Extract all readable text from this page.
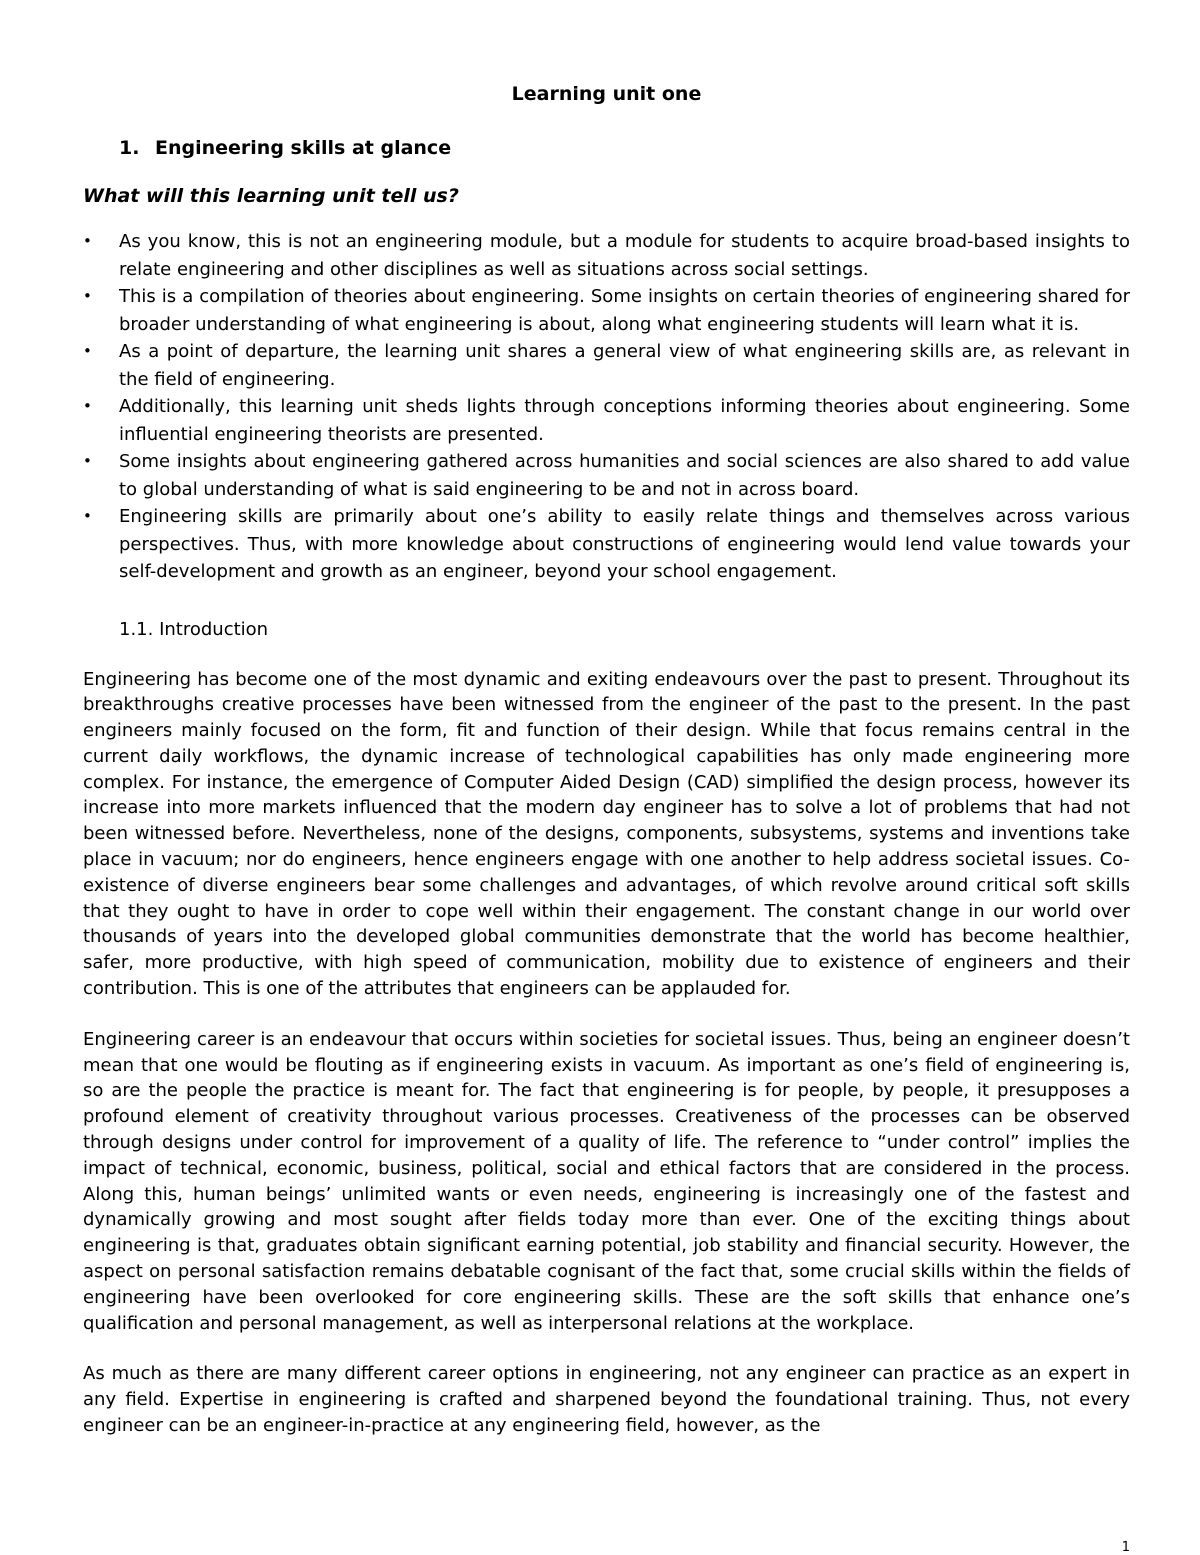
Learning unit one
1. Engineering skills at glance
What will this learning unit tell us?
•	As you know, this is not an engineering module, but a module for students to acquire broad-based insights to relate engineering and other disciplines as well as situations across social settings.
•	This is a compilation of theories about engineering. Some insights on certain theories of engineering shared for broader understanding of what engineering is about, along what engineering students will learn what it is.
•	As a point of departure, the learning unit shares a general view of what engineering skills are, as relevant in the field of engineering.
•	Additionally, this learning unit sheds lights through conceptions informing theories about engineering. Some influential engineering theorists are presented.
•	Some insights about engineering gathered across humanities and social sciences are also shared to add value to global understanding of what is said engineering to be and not in across board.
•	Engineering skills are primarily about one’s ability to easily relate things and themselves across various perspectives. Thus, with more knowledge about constructions of engineering would lend value towards your self-development and growth as an engineer, beyond your school engagement.
1.1. Introduction

Engineering has become one of the most dynamic and exiting endeavours over the past to present. Throughout its breakthroughs creative processes have been witnessed from the engineer of the past to the present. In the past engineers mainly focused on the form, fit and function of their design. While that focus remains central in the current daily workflows, the dynamic increase of technological capabilities has only made engineering more complex. For instance, the emergence of Computer Aided Design (CAD) simplified the design process, however its increase into more markets influenced that the modern day engineer has to solve a lot of problems that had not been witnessed before. Nevertheless, none of the designs, components, subsystems, systems and inventions take place in vacuum; nor do engineers, hence engineers engage with one another to help address societal issues. Co-existence of diverse engineers bear some challenges and advantages, of which revolve around critical soft skills that they ought to have in order to cope well within their engagement. The constant change in our world over thousands of years into the developed global communities demonstrate that the world has become healthier, safer, more productive, with high speed of communication, mobility due to existence of engineers and their contribution. This is one of the attributes that engineers can be applauded for.

Engineering career is an endeavour that occurs within societies for societal issues. Thus, being an engineer doesn’t mean that one would be flouting as if engineering exists in vacuum. As important as one’s field of engineering is, so are the people the practice is meant for. The fact that engineering is for people, by people, it presupposes a profound element of creativity throughout various processes. Creativeness of the processes can be observed through designs under control for improvement of a quality of life. The reference to “under control” implies the impact of technical, economic, business, political, social and ethical factors that are considered in the process. Along this, human beings’ unlimited wants or even needs, engineering is increasingly one of the fastest and dynamically growing and most sought after fields today more than ever. One of the exciting things about engineering is that, graduates obtain significant earning potential, job stability and financial security. However, the aspect on personal satisfaction remains debatable cognisant of the fact that, some crucial skills within the fields of engineering have been overlooked for core engineering skills. These are the soft skills that enhance one’s qualification and personal management, as well as interpersonal relations at the workplace.

As much as there are many different career options in engineering, not any engineer can practice as an expert in any field. Expertise in engineering is crafted and sharpened beyond the foundational training. Thus, not every engineer can be an engineer-in-practice at any engineering field, however, as the

1
